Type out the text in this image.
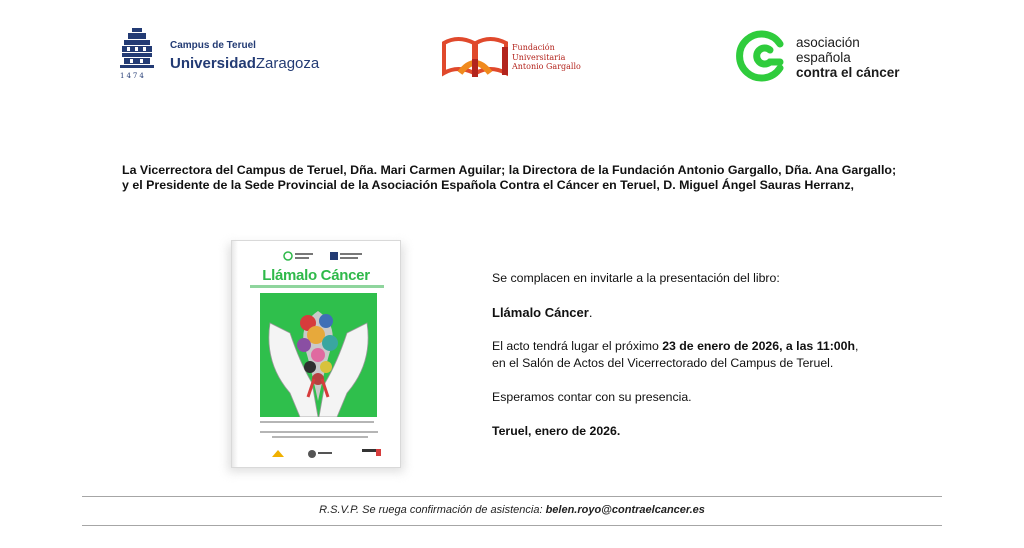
1474
Campus de Teruel
UniversidadZaragoza
Fundación
Universitaria
Antonio Gargallo
asociación
española
contra el cáncer
La Vicerrectora del Campus de Teruel, Dña. Mari Carmen Aguilar; la Directora de la Fundación Antonio Gargallo, Dña. Ana Gargallo;
y el Presidente de la Sede Provincial de la Asociación Española Contra el Cáncer en Teruel, D. Miguel Ángel Sauras Herranz,
Llámalo Cáncer	Se complacen en invitarle a la presentación del libro:
Llámalo Cáncer.
El acto tendrá lugar el próximo 23 de enero de 2026, a las 11:00h,
en el Salón de Actos del Vicerrectorado del Campus de Teruel.
Esperamos contar con su presencia.
Teruel, enero de 2026.
R.S.V.P. Se ruega confirmación de asistencia: belen.royo@contraelcancer.es
